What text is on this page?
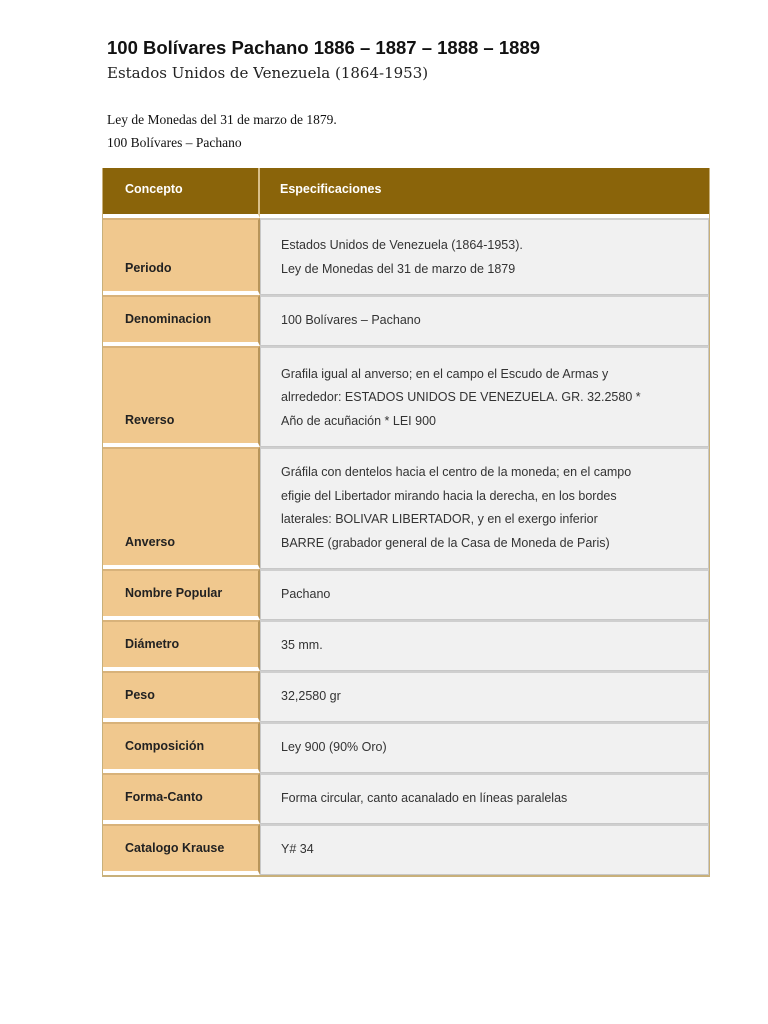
100 Bolívares Pachano 1886 – 1887 – 1888 – 1889
Estados Unidos de Venezuela (1864-1953)
Ley de Monedas del 31 de marzo de 1879.
100 Bolívares – Pachano
Concepto	Especificaciones
Periodo	Estados Unidos de Venezuela (1864-1953).
Ley de Monedas del 31 de marzo de 1879

Denominacion	100 Bolívares – Pachano

Reverso	Grafila igual al anverso; en el campo el Escudo de Armas y
alrrededor: ESTADOS UNIDOS DE VENEZUELA. GR. 32.2580 *
Año de acuñación * LEI 900

Anverso	Gráfila con dentelos hacia el centro de la moneda; en el campo
efigie del Libertador mirando hacia la derecha, en los bordes
laterales: BOLIVAR LIBERTADOR, y en el exergo inferior
BARRE (grabador general de la Casa de Moneda de Paris)

Nombre Popular	Pachano

Diámetro	35 mm.

Peso	32,2580 gr

Composición	Ley 900 (90% Oro)

Forma-Canto	Forma circular, canto acanalado en líneas paralelas

Catalogo Krause	Y# 34
